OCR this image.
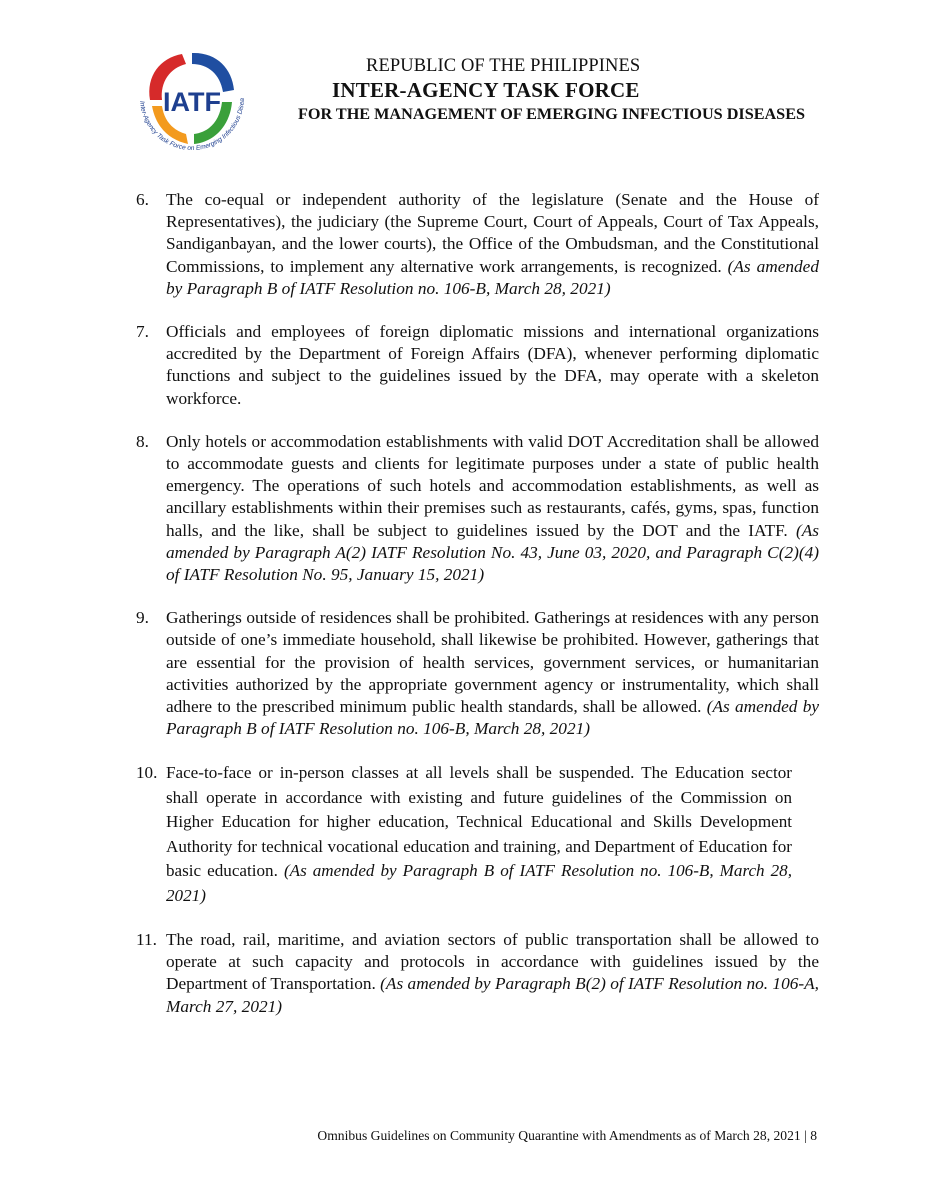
IATF
Inter-Agency Task Force on Emerging Infectious Disea
REPUBLIC OF THE PHILIPPINES
INTER-AGENCY TASK FORCE
FOR THE MANAGEMENT OF EMERGING INFECTIOUS DISEASES
6. The co-equal or independent authority of the legislature (Senate and the House of Representatives), the judiciary (the Supreme Court, Court of Appeals, Court of Tax Appeals, Sandiganbayan, and the lower courts), the Office of the Ombudsman, and the Constitutional Commissions, to implement any alternative work arrangements, is recognized. (As amended by Paragraph B of IATF Resolution no. 106-B, March 28, 2021)
7. Officials and employees of foreign diplomatic missions and international organizations accredited by the Department of Foreign Affairs (DFA), whenever performing diplomatic functions and subject to the guidelines issued by the DFA, may operate with a skeleton workforce.
8. Only hotels or accommodation establishments with valid DOT Accreditation shall be allowed to accommodate guests and clients for legitimate purposes under a state of public health emergency. The operations of such hotels and accommodation establishments, as well as ancillary establishments within their premises such as restaurants, cafés, gyms, spas, function halls, and the like, shall be subject to guidelines issued by the DOT and the IATF. (As amended by Paragraph A(2) IATF Resolution No. 43, June 03, 2020, and Paragraph C(2)(4) of IATF Resolution No. 95, January 15, 2021)
9. Gatherings outside of residences shall be prohibited. Gatherings at residences with any person outside of one’s immediate household, shall likewise be prohibited. However, gatherings that are essential for the provision of health services, government services, or humanitarian activities authorized by the appropriate government agency or instrumentality, which shall adhere to the prescribed minimum public health standards, shall be allowed. (As amended by Paragraph B of IATF Resolution no. 106-B, March 28, 2021)
10. Face-to-face or in-person classes at all levels shall be suspended. The Education sector shall operate in accordance with existing and future guidelines of the Commission on Higher Education for higher education, Technical Educational and Skills Development Authority for technical vocational education and training, and Department of Education for basic education. (As amended by Paragraph B of IATF Resolution no. 106-B, March 28, 2021)
11. The road, rail, maritime, and aviation sectors of public transportation shall be allowed to operate at such capacity and protocols in accordance with guidelines issued by the Department of Transportation. (As amended by Paragraph B(2) of IATF Resolution no. 106-A, March 27, 2021)
Omnibus Guidelines on Community Quarantine with Amendments as of March 28, 2021 | 8
